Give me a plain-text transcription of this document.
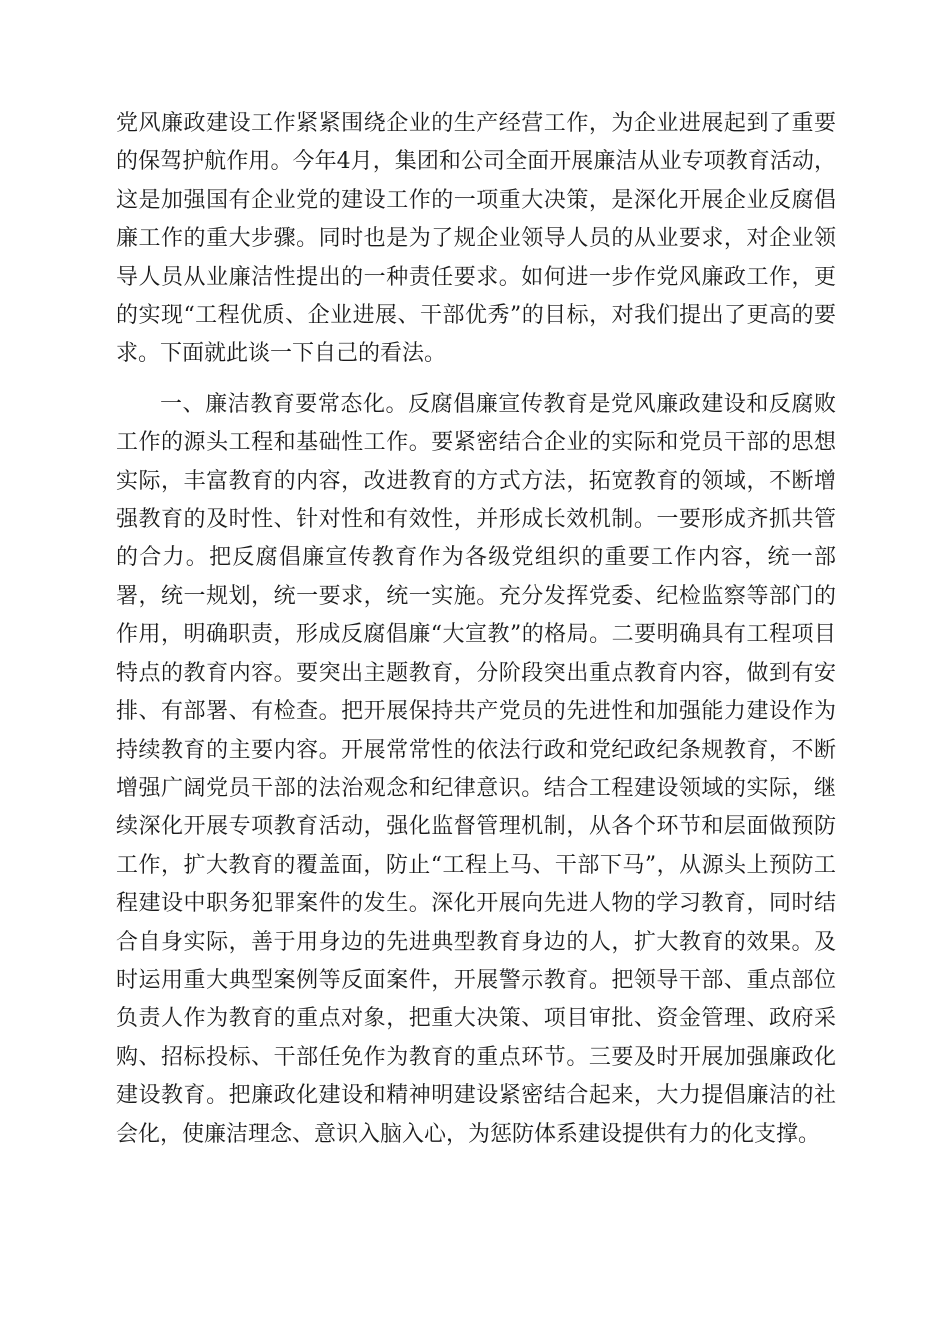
党风廉政建设工作紧紧围绕企业的生产经营工作，为企业进展起到了重要的保驾护航作用。今年4月，集团和公司全面开展廉洁从业专项教育活动，这是加强国有企业党的建设工作的一项重大决策，是深化开展企业反腐倡廉工作的重大步骤。同时也是为了规企业领导人员的从业要求，对企业领导人员从业廉洁性提出的一种责任要求。如何进一步作党风廉政工作，更的实现“工程优质、企业进展、干部优秀”的目标，对我们提出了更高的要求。下面就此谈一下自己的看法。

一、廉洁教育要常态化。反腐倡廉宣传教育是党风廉政建设和反腐败工作的源头工程和基础性工作。要紧密结合企业的实际和党员干部的思想实际，丰富教育的内容，改进教育的方式方法，拓宽教育的领域，不断增强教育的及时性、针对性和有效性，并形成长效机制。一要形成齐抓共管的合力。把反腐倡廉宣传教育作为各级党组织的重要工作内容，统一部署，统一规划，统一要求，统一实施。充分发挥党委、纪检监察等部门的作用，明确职责，形成反腐倡廉“大宣教”的格局。二要明确具有工程项目特点的教育内容。要突出主题教育，分阶段突出重点教育内容，做到有安排、有部署、有检查。把开展保持共产党员的先进性和加强能力建设作为持续教育的主要内容。开展常常性的依法行政和党纪政纪条规教育，不断增强广阔党员干部的法治观念和纪律意识。结合工程建设领域的实际，继续深化开展专项教育活动，强化监督管理机制，从各个环节和层面做预防工作，扩大教育的覆盖面，防止“工程上马、干部下马”，从源头上预防工程建设中职务犯罪案件的发生。深化开展向先进人物的学习教育，同时结合自身实际，善于用身边的先进典型教育身边的人，扩大教育的效果。及时运用重大典型案例等反面案件，开展警示教育。把领导干部、重点部位负责人作为教育的重点对象，把重大决策、项目审批、资金管理、政府采购、招标投标、干部任免作为教育的重点环节。三要及时开展加强廉政化建设教育。把廉政化建设和精神明建设紧密结合起来，大力提倡廉洁的社会化，使廉洁理念、意识入脑入心，为惩防体系建设提供有力的化支撑。
